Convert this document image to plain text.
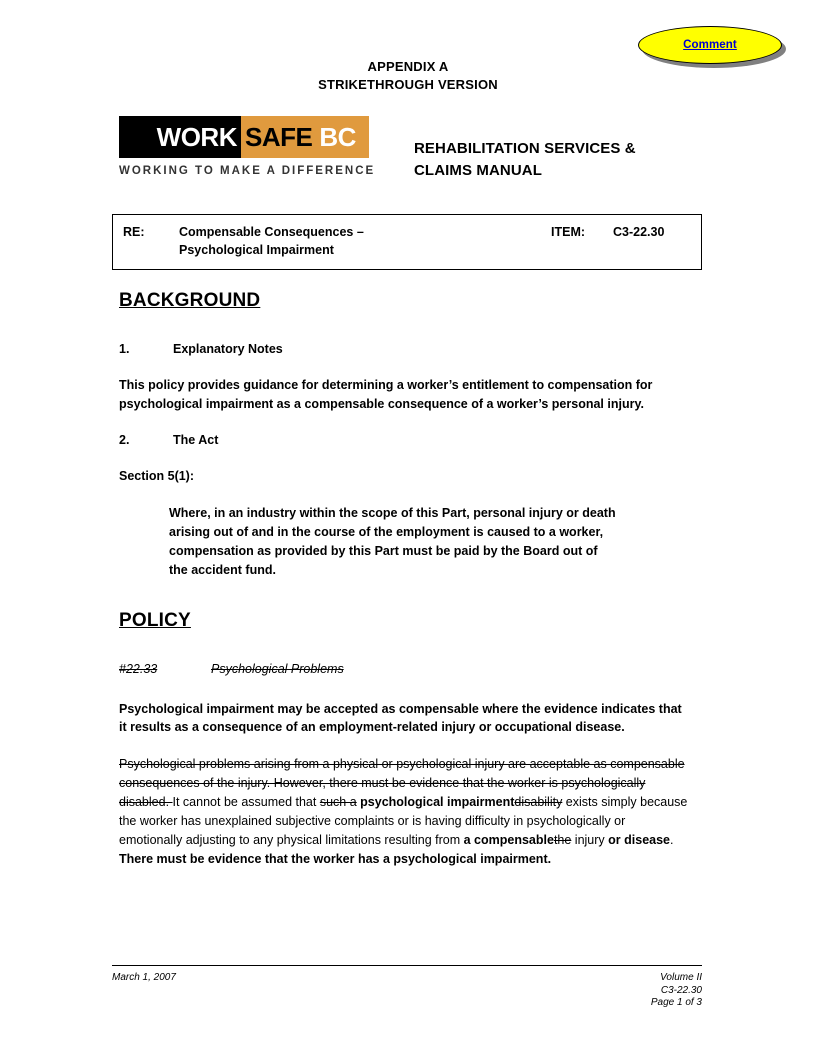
Comment
APPENDIX A
STRIKETHROUGH VERSION
WORK SAFE BC
WORKING TO MAKE A DIFFERENCE
REHABILITATION SERVICES &
CLAIMS MANUAL
RE:	Compensable Consequences –
Psychological Impairment
ITEM: C3-22.30
BACKGROUND
1.	Explanatory Notes

This policy provides guidance for determining a worker’s entitlement to compensation for psychological impairment as a compensable consequence of a worker’s personal injury.

2.	The Act

Section 5(1):

Where, in an industry within the scope of this Part, personal injury or death arising out of and in the course of the employment is caused to a worker, compensation as provided by this Part must be paid by the Board out of the accident fund.
POLICY
#22.33	Psychological Problems

Psychological impairment may be accepted as compensable where the evidence indicates that it results as a consequence of an employment-related injury or occupational disease.

Psychological problems arising from a physical or psychological injury are acceptable as compensable consequences of the injury. However, there must be evidence that the worker is psychologically disabled. It cannot be assumed that such a psychological impairmentdisability exists simply because the worker has unexplained subjective complaints or is having difficulty in psychologically or emotionally adjusting to any physical limitations resulting from a compensablethe injury or disease. There must be evidence that the worker has a psychological impairment.

March 1, 2007	Volume II
C3-22.30
Page 1 of 3
